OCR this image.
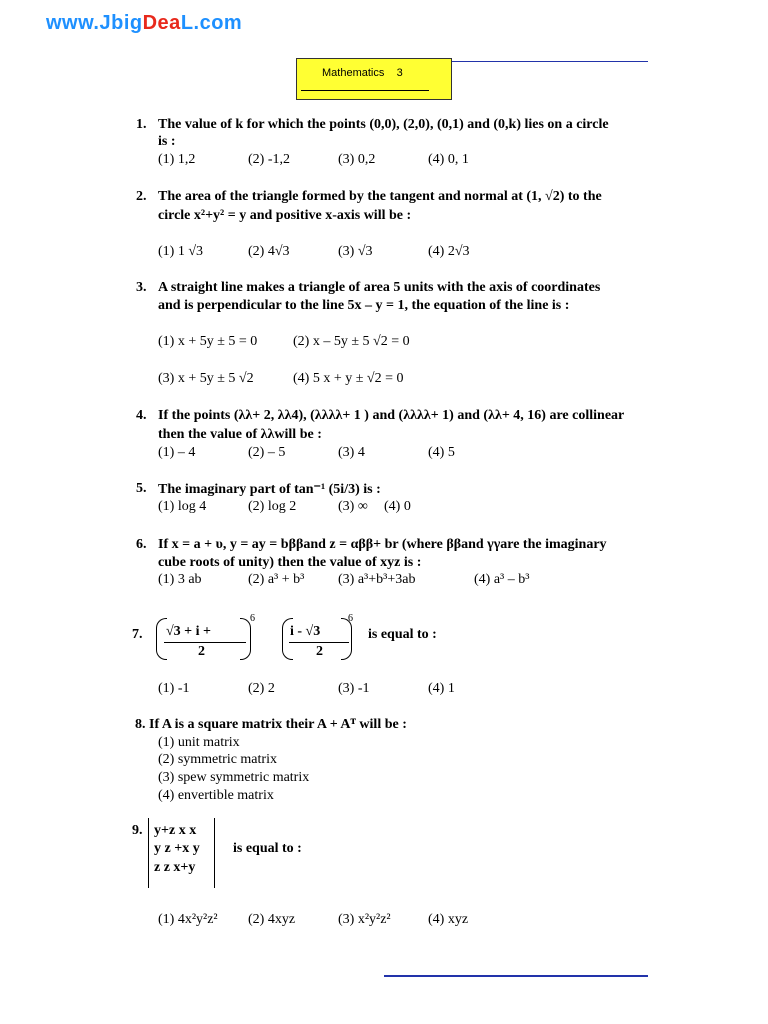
www.JbigDeaL.com
Mathematics    3
1. The value of k for which the points (0,0), (2,0), (0,1) and (0,k) lies on a circle
is :
(1) 1,2	(2) -1,2	(3) 0,2	(4) 0, 1
2. The area of the triangle formed by the tangent and normal at (1, √2) to the
circle x²+y² = y and positive x-axis will be :
(1) 1 √3	(2) 4√3	(3) √3	(4) 2√3
3. A straight line makes a triangle of area 5 units with the axis of coordinates
and is perpendicular to the line 5x – y = 1, the equation of the line is :
(1) x + 5y ± 5 = 0	(2) x – 5y ± 5 √2 = 0
(3) x + 5y ± 5 √2	(4) 5 x + y ± √2 = 0
4. If the points (λλ+ 2, λλ4), (λλλλ+ 1 ) and (λλλλ+ 1) and (λλ+ 4, 16) are collinear
then the value of λλwill be :
(1) – 4	(2) – 5	(3) 4	(4) 5
5. The imaginary part of tan⁻¹ (5i/3) is :
(1) log 4	(2) log 2	(3) ∞ (4) 0
6. If x = a + υ, y = ay = bββand z = αββ+ br (where ββand γγare the imaginary
cube roots of unity) then the value of xyz is :
(1) 3 ab	(2) a³ + b³ (3) a³+b³+3ab	(4) a³ – b³
7. √3 + i +
2
6
i - √3
2
6
is equal to :
(1) -1	(2) 2	(3) -1	(4) 1
8. If A is a square matrix their A + Aᵀ will be :
(1) unit matrix
(2) symmetric matrix
(3) spew symmetric matrix
(4) envertible matrix
9. y+z x x
y z +x y
z z x+y
is equal to :
(1) 4x²y²z² (2) 4xyz	(3) x²y²z²	(4) xyz
